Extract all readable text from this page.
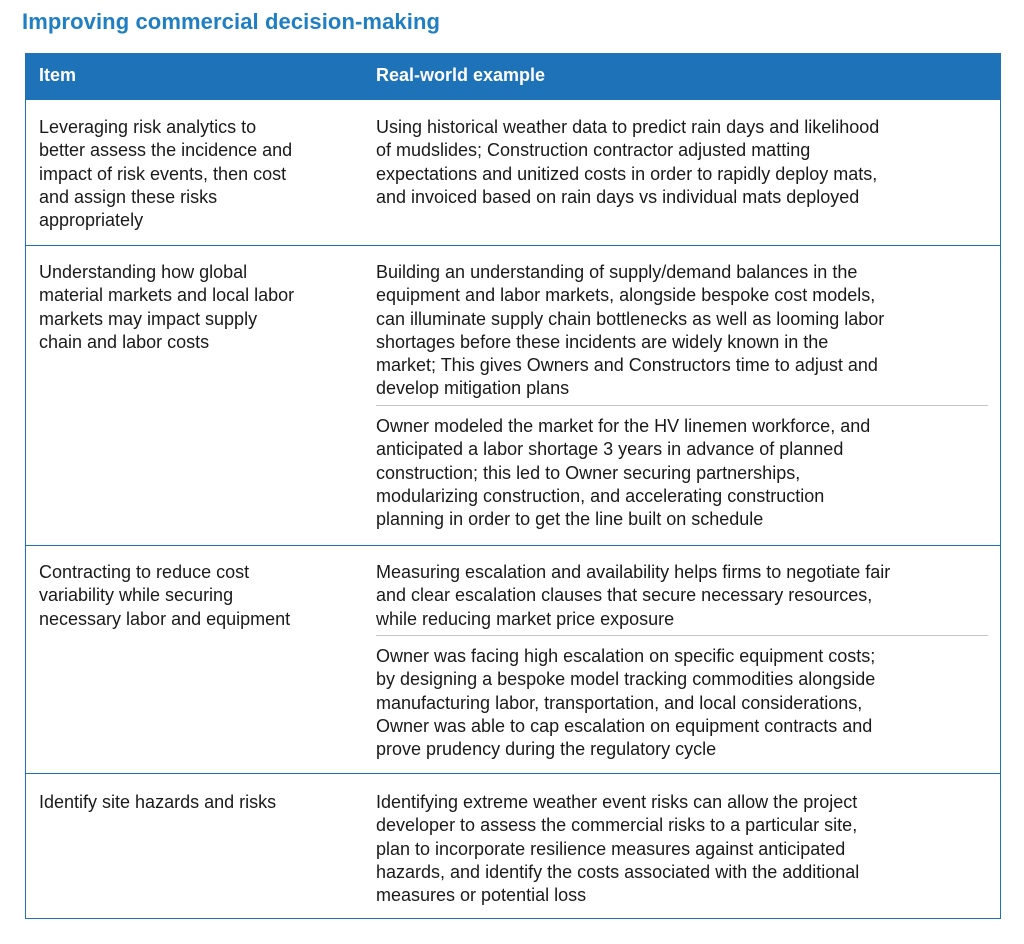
Improving commercial decision-making
Item	Real-world example
Leveraging risk analytics to
better assess the incidence and
impact of risk events, then cost
and assign these risks
appropriately
Using historical weather data to predict rain days and likelihood
of mudslides; Construction contractor adjusted matting
expectations and unitized costs in order to rapidly deploy mats,
and invoiced based on rain days vs individual mats deployed
Understanding how global
material markets and local labor
markets may impact supply
chain and labor costs
Building an understanding of supply/demand balances in the
equipment and labor markets, alongside bespoke cost models,
can illuminate supply chain bottlenecks as well as looming labor
shortages before these incidents are widely known in the
market; This gives Owners and Constructors time to adjust and
develop mitigation plans
Owner modeled the market for the HV linemen workforce, and
anticipated a labor shortage 3 years in advance of planned
construction; this led to Owner securing partnerships,
modularizing construction, and accelerating construction
planning in order to get the line built on schedule
Contracting to reduce cost
variability while securing
necessary labor and equipment
Measuring escalation and availability helps firms to negotiate fair
and clear escalation clauses that secure necessary resources,
while reducing market price exposure
Owner was facing high escalation on specific equipment costs;
by designing a bespoke model tracking commodities alongside
manufacturing labor, transportation, and local considerations,
Owner was able to cap escalation on equipment contracts and
prove prudency during the regulatory cycle
Identify site hazards and risks	Identifying extreme weather event risks can allow the project
developer to assess the commercial risks to a particular site,
plan to incorporate resilience measures against anticipated
hazards, and identify the costs associated with the additional
measures or potential loss
